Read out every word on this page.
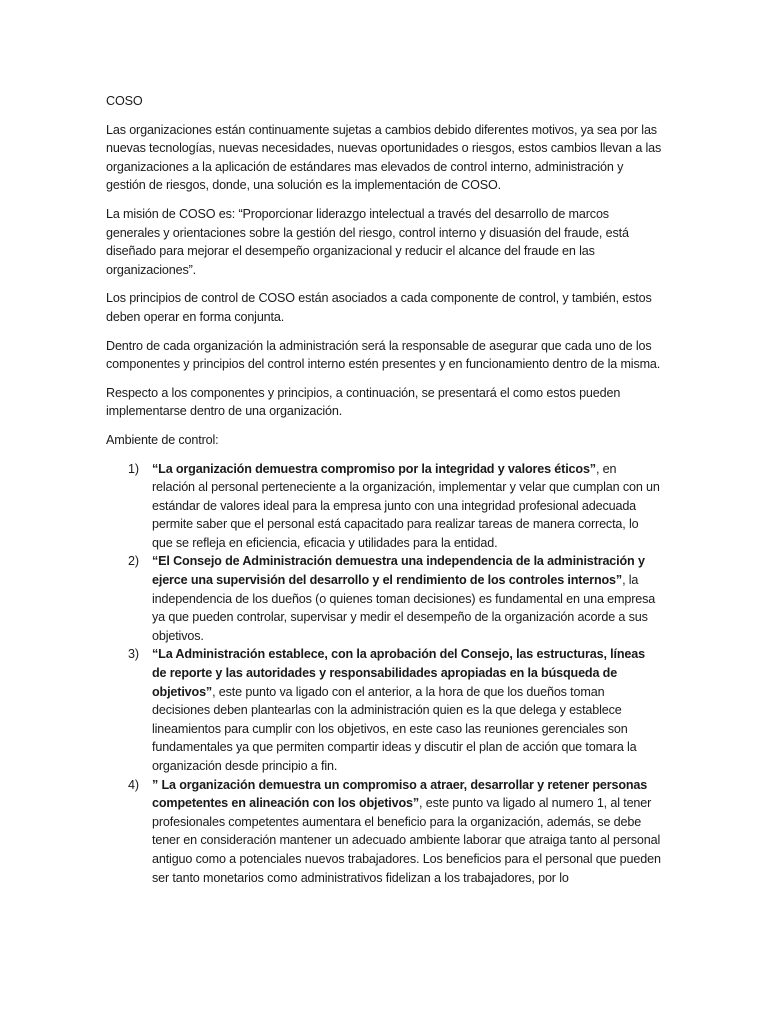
COSO

Las organizaciones están continuamente sujetas a cambios debido diferentes motivos, ya sea por las nuevas tecnologías, nuevas necesidades, nuevas oportunidades o riesgos, estos cambios llevan a las organizaciones a la aplicación de estándares mas elevados de control interno, administración y gestión de riesgos, donde, una solución es la implementación de COSO.

La misión de COSO es: “Proporcionar liderazgo intelectual a través del desarrollo de marcos generales y orientaciones sobre la gestión del riesgo, control interno y disuasión del fraude, está diseñado para mejorar el desempeño organizacional y reducir el alcance del fraude en las organizaciones”.

Los principios de control de COSO están asociados a cada componente de control, y también, estos deben operar en forma conjunta.

Dentro de cada organización la administración será la responsable de asegurar que cada uno de los componentes y principios del control interno estén presentes y en funcionamiento dentro de la misma.

Respecto a los componentes y principios, a continuación, se presentará el como estos pueden implementarse dentro de una organización.

Ambiente de control:

1) “La organización demuestra compromiso por la integridad y valores éticos”, en relación al personal perteneciente a la organización, implementar y velar que cumplan con un estándar de valores ideal para la empresa junto con una integridad profesional adecuada permite saber que el personal está capacitado para realizar tareas de manera correcta, lo que se refleja en eficiencia, eficacia y utilidades para la entidad.
2) “El Consejo de Administración demuestra una independencia de la administración y ejerce una supervisión del desarrollo y el rendimiento de los controles internos”, la independencia de los dueños (o quienes toman decisiones) es fundamental en una empresa ya que pueden controlar, supervisar y medir el desempeño de la organización acorde a sus objetivos.
3) “La Administración establece, con la aprobación del Consejo, las estructuras, líneas de reporte y las autoridades y responsabilidades apropiadas en la búsqueda de objetivos”, este punto va ligado con el anterior, a la hora de que los dueños toman decisiones deben plantearlas con la administración quien es la que delega y establece lineamientos para cumplir con los objetivos, en este caso las reuniones gerenciales son fundamentales ya que permiten compartir ideas y discutir el plan de acción que tomara la organización desde principio a fin.
4) ” La organización demuestra un compromiso a atraer, desarrollar y retener personas competentes en alineación con los objetivos”, este punto va ligado al numero 1, al tener profesionales competentes aumentara el beneficio para la organización, además, se debe tener en consideración mantener un adecuado ambiente laborar que atraiga tanto al personal antiguo como a potenciales nuevos trabajadores. Los beneficios para el personal que pueden ser tanto monetarios como administrativos fidelizan a los trabajadores, por lo
